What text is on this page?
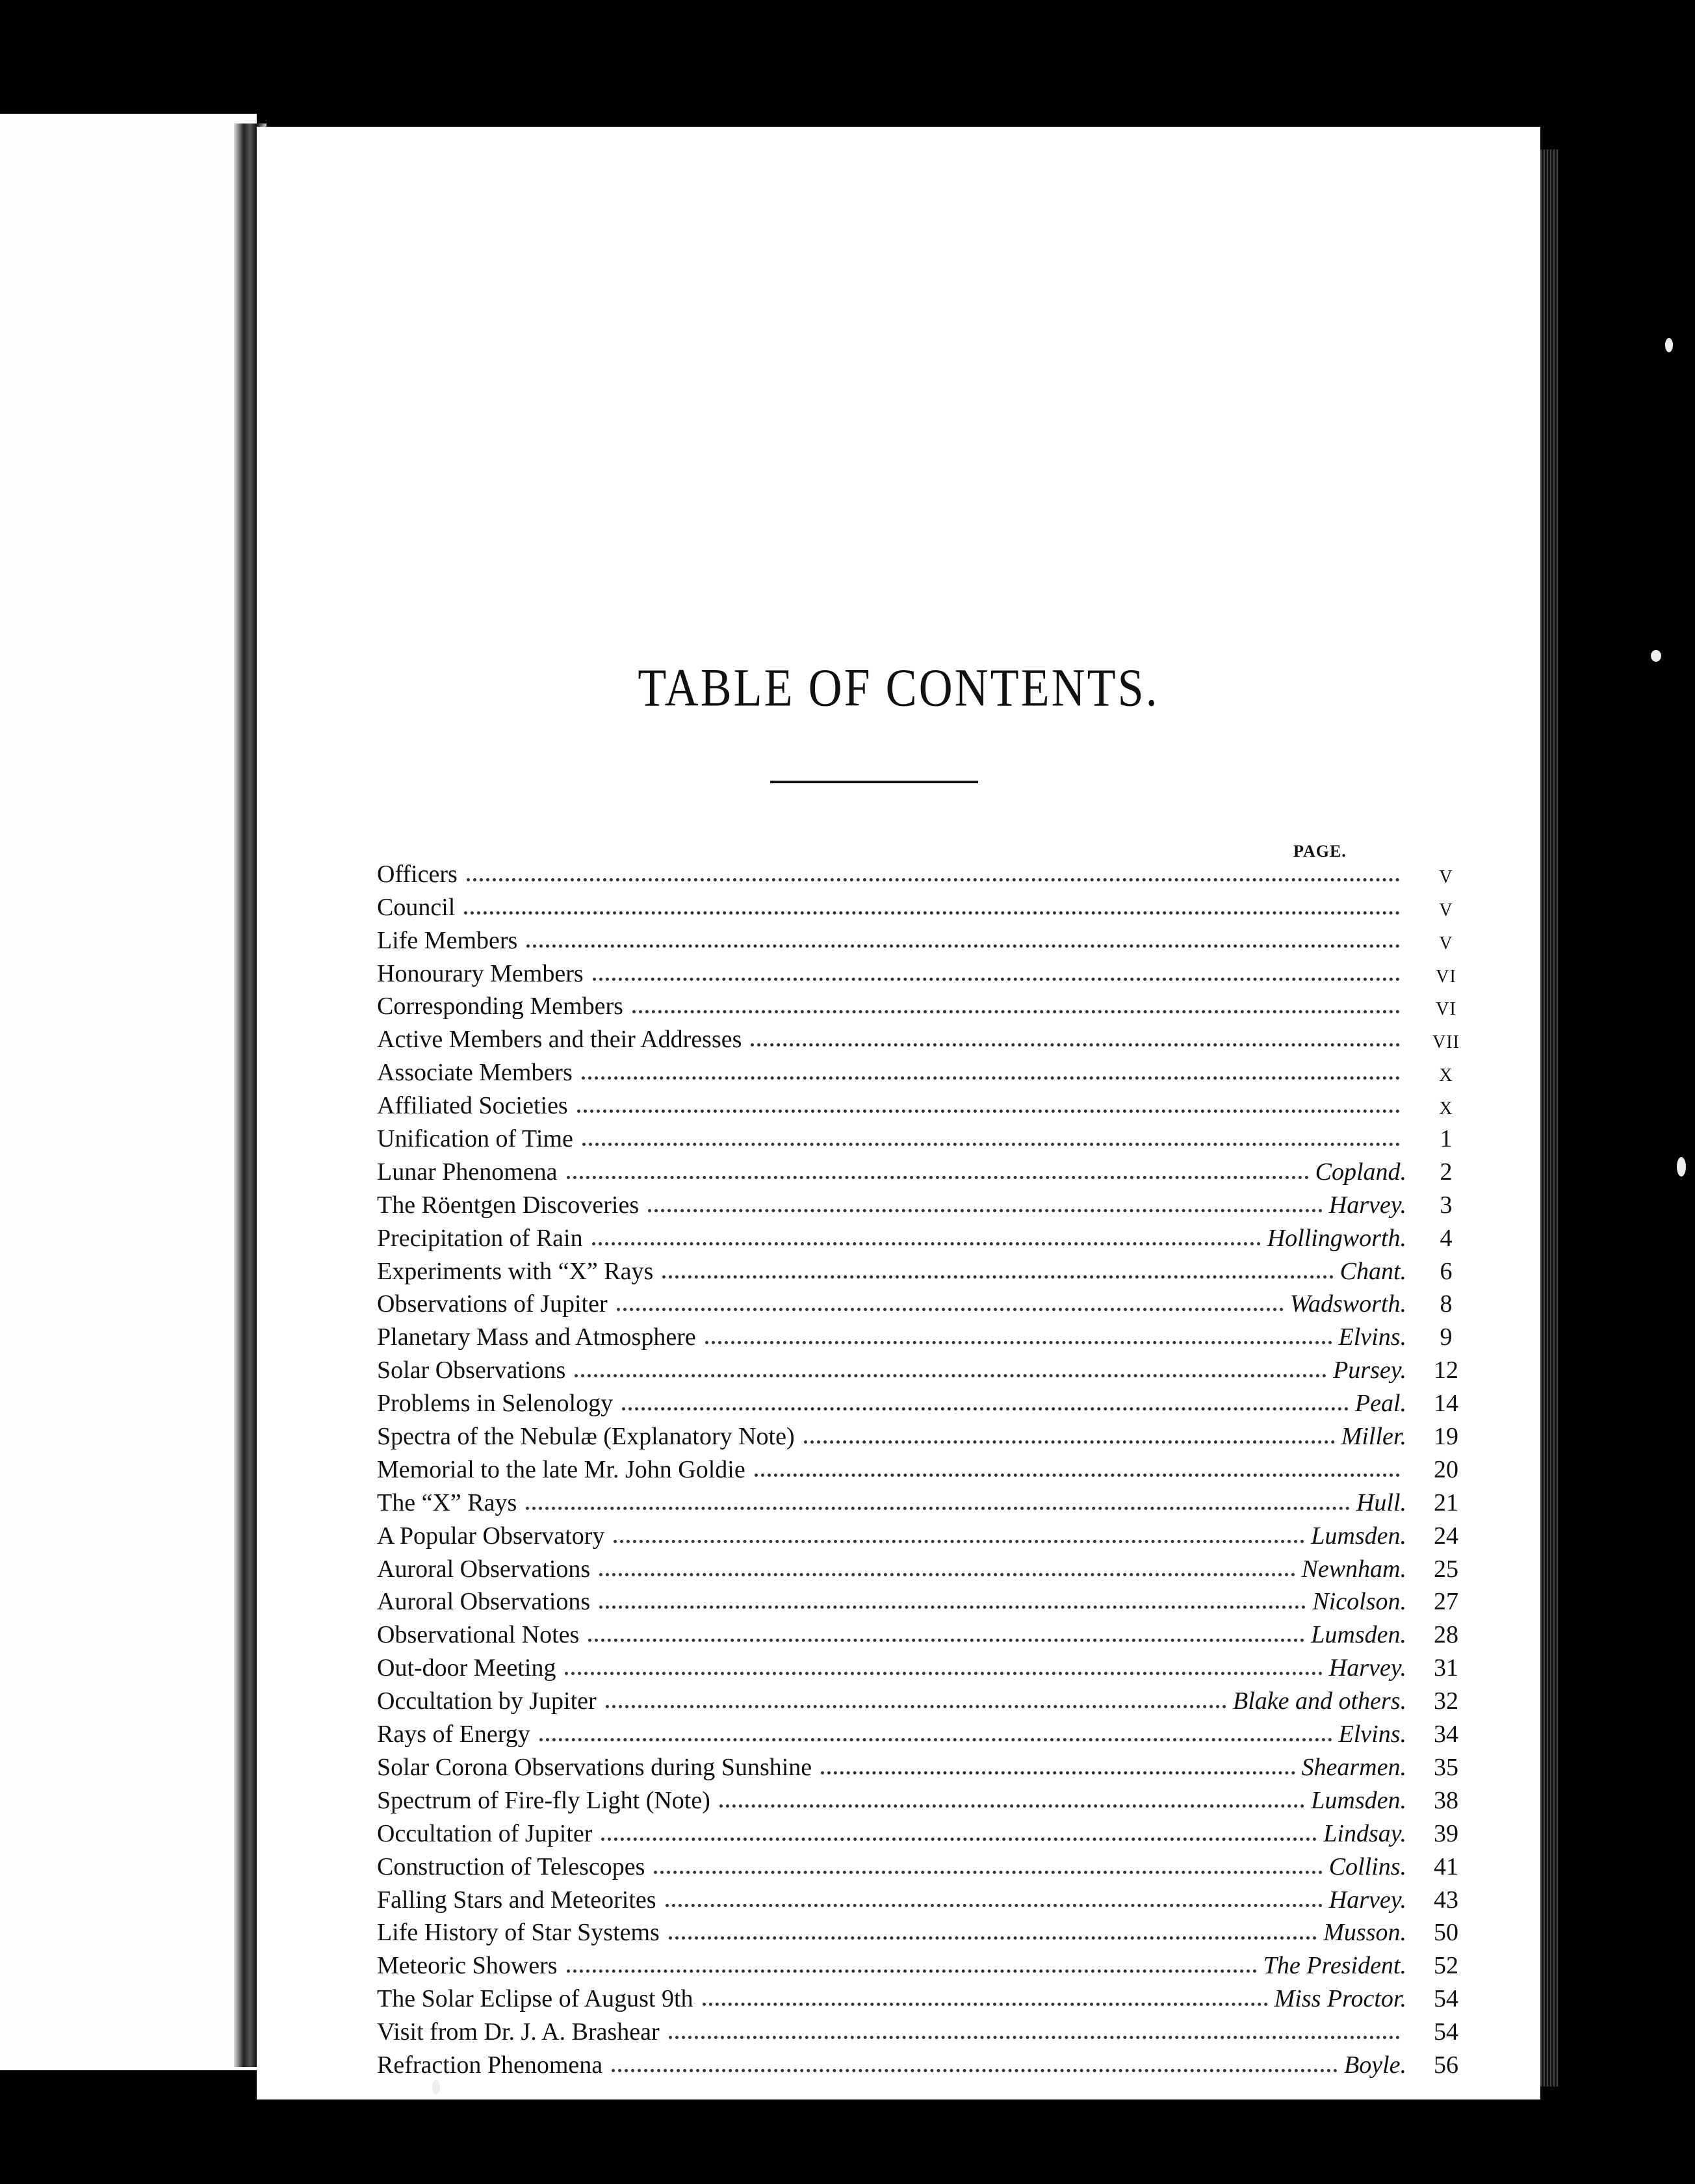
TABLE OF CONTENTS.
PAGE.
Officers	V
Council	V
Life Members	V
Honourary Members	VI
Corresponding Members	VI
Active Members and their Addresses	VII
Associate Members	X
Affiliated Societies	X
Unification of Time	1
Lunar Phenomena	Copland.	2
The Röentgen Discoveries	Harvey.	3
Precipitation of Rain	Hollingworth.	4
Experiments with “X” Rays	Chant.	6
Observations of Jupiter	Wadsworth.	8
Planetary Mass and Atmosphere	Elvins.	9
Solar Observations	Pursey.	12
Problems in Selenology	Peal.	14
Spectra of the Nebulæ (Explanatory Note)	Miller.	19
Memorial to the late Mr. John Goldie	20
The “X” Rays	Hull.	21
A Popular Observatory	Lumsden.	24
Auroral Observations	Newnham.	25
Auroral Observations	Nicolson.	27
Observational Notes	Lumsden.	28
Out-door Meeting	Harvey.	31
Occultation by Jupiter	Blake and others.	32
Rays of Energy	Elvins.	34
Solar Corona Observations during Sunshine	Shearmen.	35
Spectrum of Fire-fly Light (Note)	Lumsden.	38
Occultation of Jupiter	Lindsay.	39
Construction of Telescopes	Collins.	41
Falling Stars and Meteorites	Harvey.	43
Life History of Star Systems	Musson.	50
Meteoric Showers	The President.	52
The Solar Eclipse of August 9th	Miss Proctor.	54
Visit from Dr. J. A. Brashear	54
Refraction Phenomena	Boyle.	56
